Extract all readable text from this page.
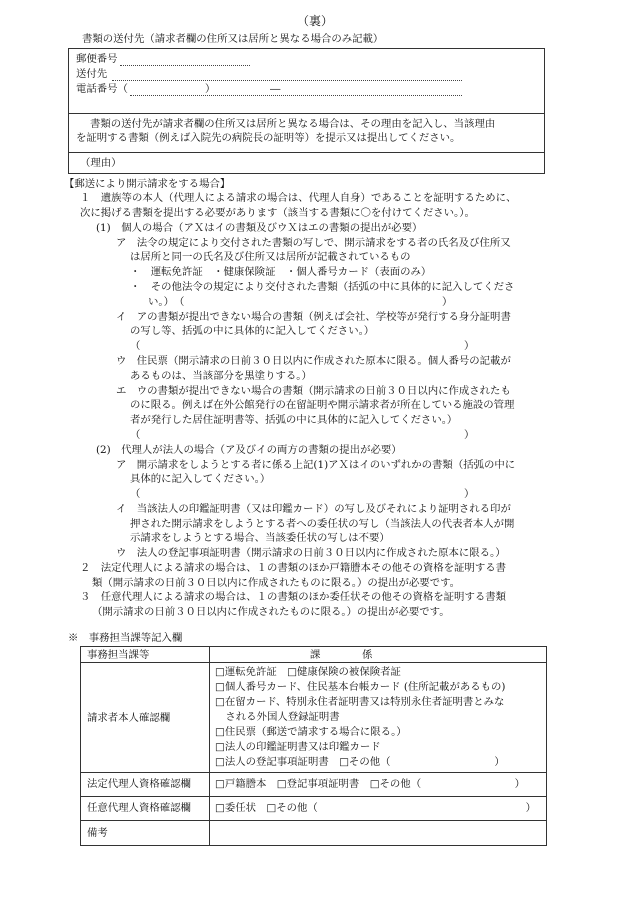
（裏）
書類の送付先（請求者欄の住所又は居所と異なる場合のみ記載）
郵便番号
送付先
電話番号（	）	―
書類の送付先が請求者欄の住所又は居所と異なる場合は、その理由を記入し、当該理由
を証明する書類（例えば入院先の病院長の証明等）を提示又は提出してください。
（理由）
【郵送により開示請求をする場合】
１　遺族等の本人（代理人による請求の場合は、代理人自身）であることを証明するために、
次に掲げる書類を提出する必要があります（該当する書類に〇を付けてください。）。
(1)　個人の場合（アＸはイの書類及びウＸはエの書類の提出が必要）
ア　法令の規定により交付された書類の写しで、開示請求をする者の氏名及び住所又
は居所と同一の氏名及び住所又は居所が記載されているもの
・　運転免許証　・健康保険証　・個人番号カード（表面のみ）
・　その他法令の規定により交付された書類（括弧の中に具体的に記入してくださ
い。）　（	）
イ　アの書類が提出できない場合の書類（例えば会社、学校等が発行する身分証明書
の写し等、括弧の中に具体的に記入してください。）
（	）
ウ　住民票（開示請求の日前３０日以内に作成された原本に限る。個人番号の記載が
あるものは、当該部分を黒塗りする。）
エ　ウの書類が提出できない場合の書類（開示請求の日前３０日以内に作成されたも
のに限る。例えば在外公館発行の在留証明や開示請求者が所在している施設の管理
者が発行した居住証明書等、括弧の中に具体的に記入してください。）
（	）
(2)　代理人が法人の場合（ア及びイの両方の書類の提出が必要）
ア　開示請求をしようとする者に係る上記(1)アＸはイのいずれかの書類（括弧の中に
具体的に記入してください。）
（	）
イ　当該法人の印鑑証明書（又は印鑑カード）の写し及びそれにより証明される印が
押された開示請求をしようとする者への委任状の写し（当該法人の代表者本人が開
示請求をしようとする場合、当該委任状の写しは不要）
ウ　法人の登記事項証明書（開示請求の日前３０日以内に作成された原本に限る。）
２　法定代理人による請求の場合は、１の書類のほか戸籍謄本その他その資格を証明する書
類（開示請求の日前３０日以内に作成されたものに限る。）の提出が必要です。
３　任意代理人による請求の場合は、１の書類のほか委任状その他その資格を証明する書類
（開示請求の日前３０日以内に作成されたものに限る。）の提出が必要です。
※　事務担当課等記入欄
事務担当課等	課　　　　係
請求者本人確認欄
□運転免許証　□健康保険の被保険者証
□個人番号カード、住民基本台帳カード (住所記載があるもの)
□在留カード、特別永住者証明書又は特別永住者証明書とみな
　される外国人登録証明書
□住民票（郵送で請求する場合に限る。）
□法人の印鑑証明書又は印鑑カード
□法人の登記事項証明書　□その他（　　　　　　　　　　）
法定代理人資格確認欄 □戸籍謄本　□登記事項証明書　□その他（　　　　　　　　　）
任意代理人資格確認欄 □委任状　□その他（　　　　　　　　　　　　　　　　　　　　）
備考
